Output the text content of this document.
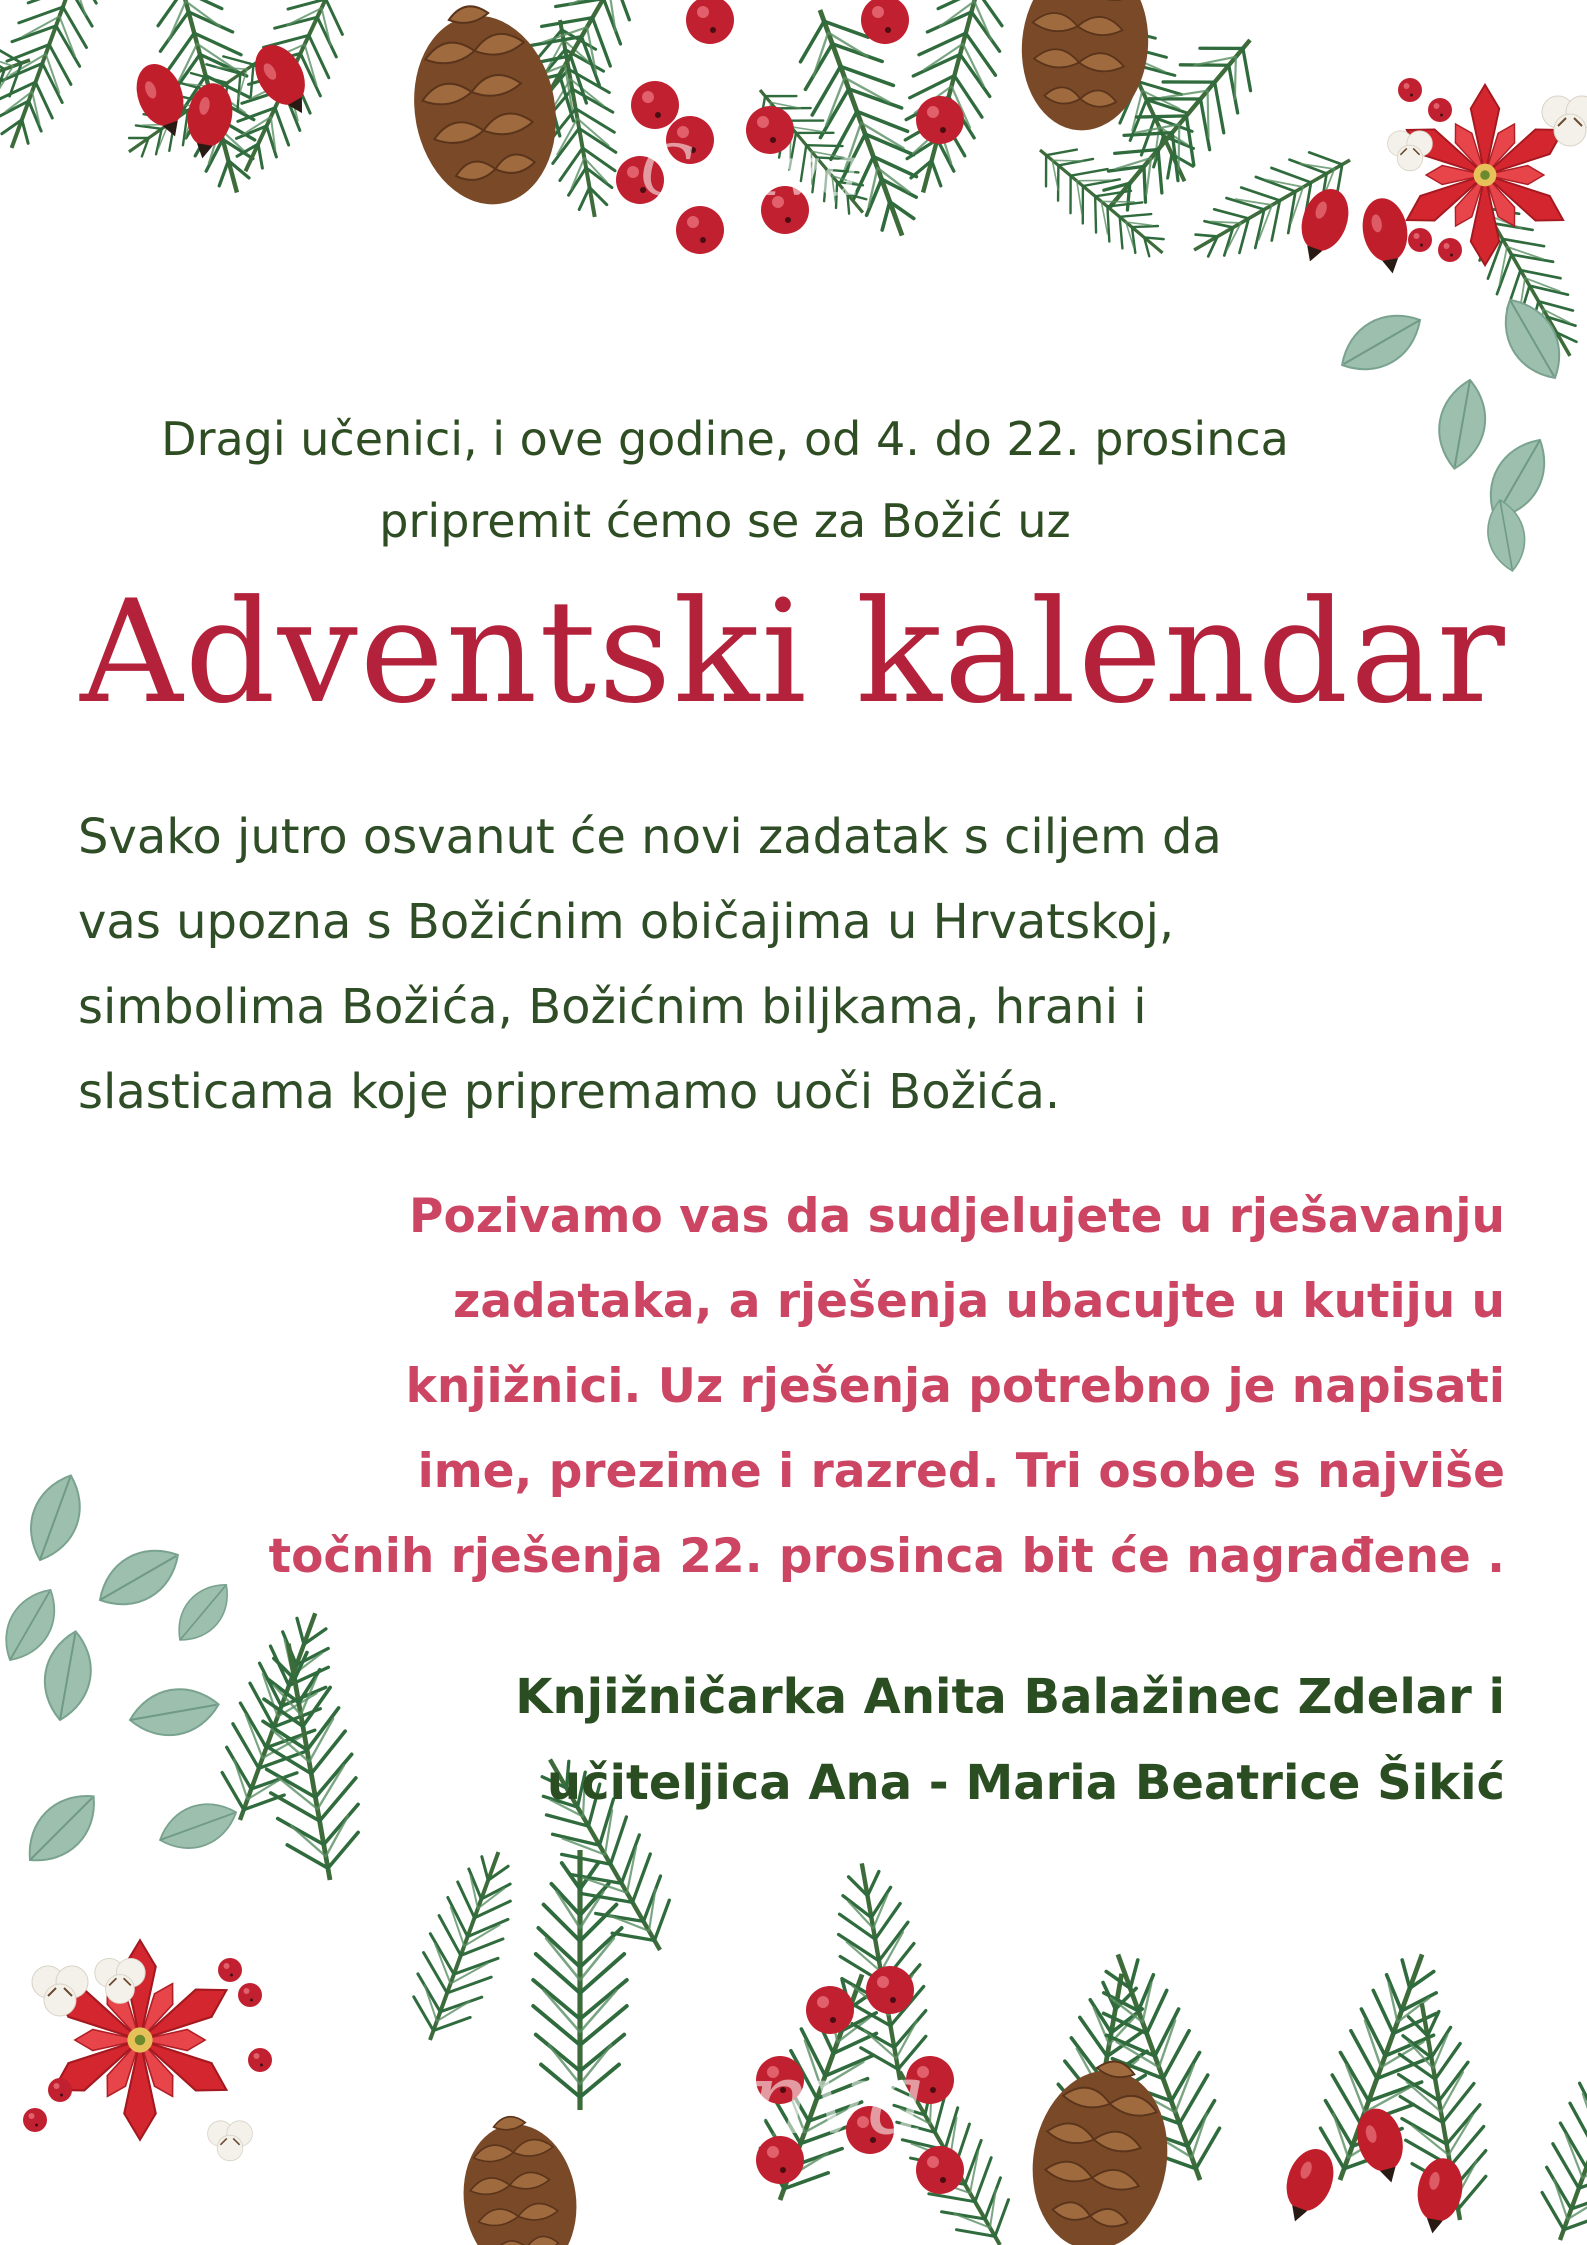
Canva
Canva
Dragi učenici, i ove godine, od 4. do 22. prosinca
pripremit ćemo se za Božić uz
Adventski kalendar
Svako jutro osvanut će novi zadatak s ciljem da
vas upozna s Božićnim običajima u Hrvatskoj,
simbolima Božića, Božićnim biljkama, hrani i
slasticama koje pripremamo uoči Božića.
Pozivamo vas da sudjelujete u rješavanju
zadataka, a rješenja ubacujte u kutiju u
knjižnici. Uz rješenja potrebno je napisati
ime, prezime i razred. Tri osobe s najviše
točnih rješenja 22. prosinca bit će nagrađene .
Knjižničarka Anita Balažinec Zdelar i
učiteljica Ana - Maria Beatrice Šikić
